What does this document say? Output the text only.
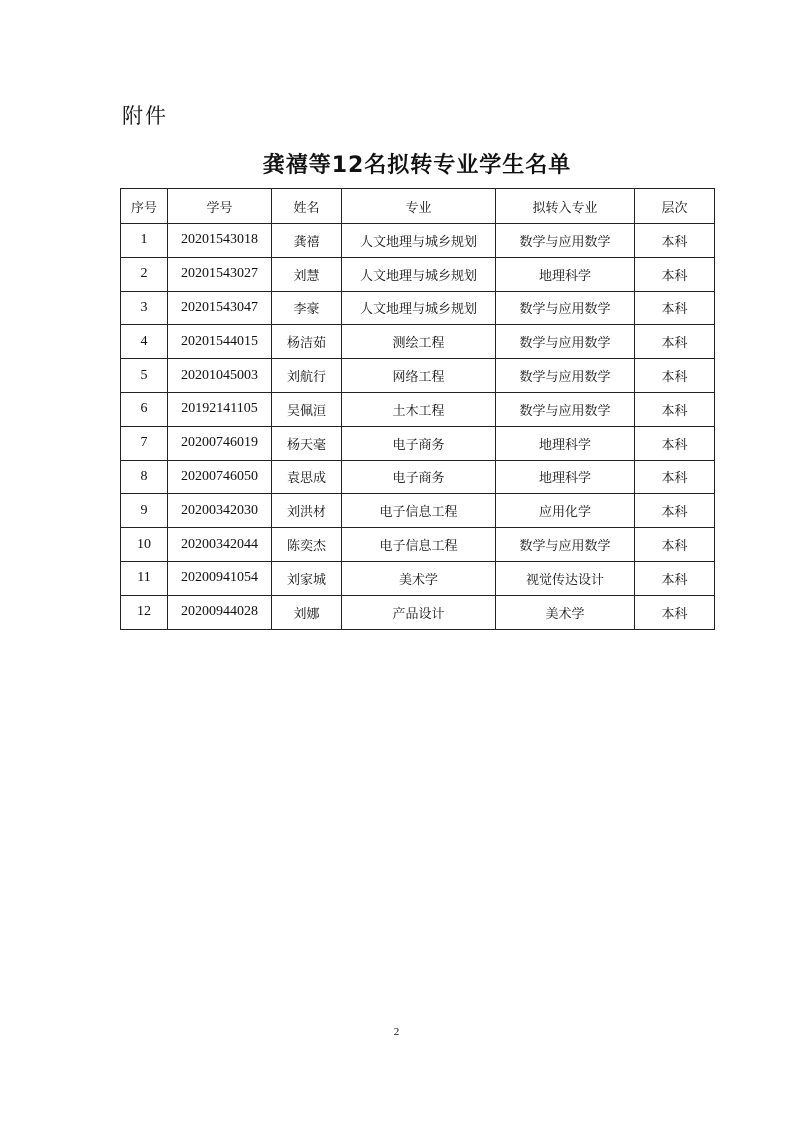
附件
龚禧等12名拟转专业学生名单
序号	学号	姓名	专业	拟转入专业	层次
1	20201543018	龚禧	人文地理与城乡规划	数学与应用数学	本科
2	20201543027	刘慧	人文地理与城乡规划	地理科学	本科
3	20201543047	李豪	人文地理与城乡规划	数学与应用数学	本科
4	20201544015	杨洁茹	测绘工程	数学与应用数学	本科
5	20201045003	刘航行	网络工程	数学与应用数学	本科
6	20192141105	吴佩洹	土木工程	数学与应用数学	本科
7	20200746019	杨天毫	电子商务	地理科学	本科
8	20200746050	袁思成	电子商务	地理科学	本科
9	20200342030	刘洪材	电子信息工程	应用化学	本科
10	20200342044	陈奕杰	电子信息工程	数学与应用数学	本科
11	20200941054	刘家城	美术学	视觉传达设计	本科
12	20200944028	刘娜	产品设计	美术学	本科
2
